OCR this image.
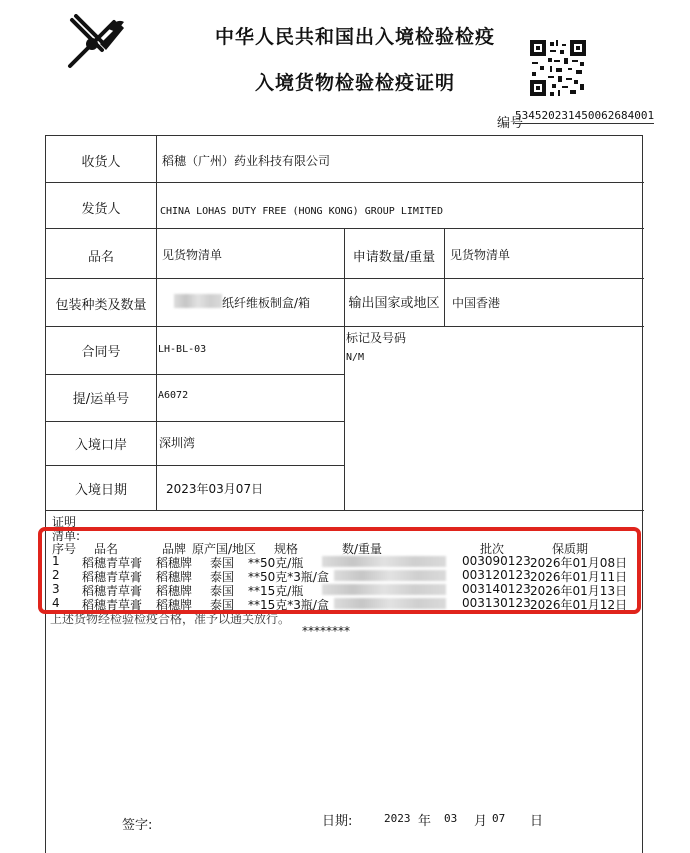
中华人民共和国出入境检验检疫
入境货物检验检疫证明
编号
534520231450062684001
收货人	稻穗（广州）药业科技有限公司
发货人	CHINA LOHAS DUTY FREE (HONG KONG) GROUP LIMITED
品名	见货物清单	申请数量/重量	见货物清单
包装种类及数量	纸纤维板制盒/箱	输出国家或地区	中国香港
合同号	LH-BL-03
标记及号码
N/M
提/运单号	A6072
入境口岸	深圳湾
入境日期	2023年03月07日
证明
清单:
序号 品名	品牌 原产国/地区 规格	数/重量	批次	保质期
1 稻穗青草膏 稻穗牌 泰国 **50克/瓶	003090123 2026年01月08日
2 稻穗青草膏 稻穗牌 泰国 **50克*3瓶/盒	003120123 2026年01月11日
3 稻穗青草膏 稻穗牌 泰国 **15克/瓶	003140123 2026年01月13日
4 稻穗青草膏 稻穗牌 泰国 **15克*3瓶/盒	003130123 2026年01月12日
上述货物经检验检疫合格，准予以通关放行。
********
签字:	日期:	2023 年 03 月 07 日
